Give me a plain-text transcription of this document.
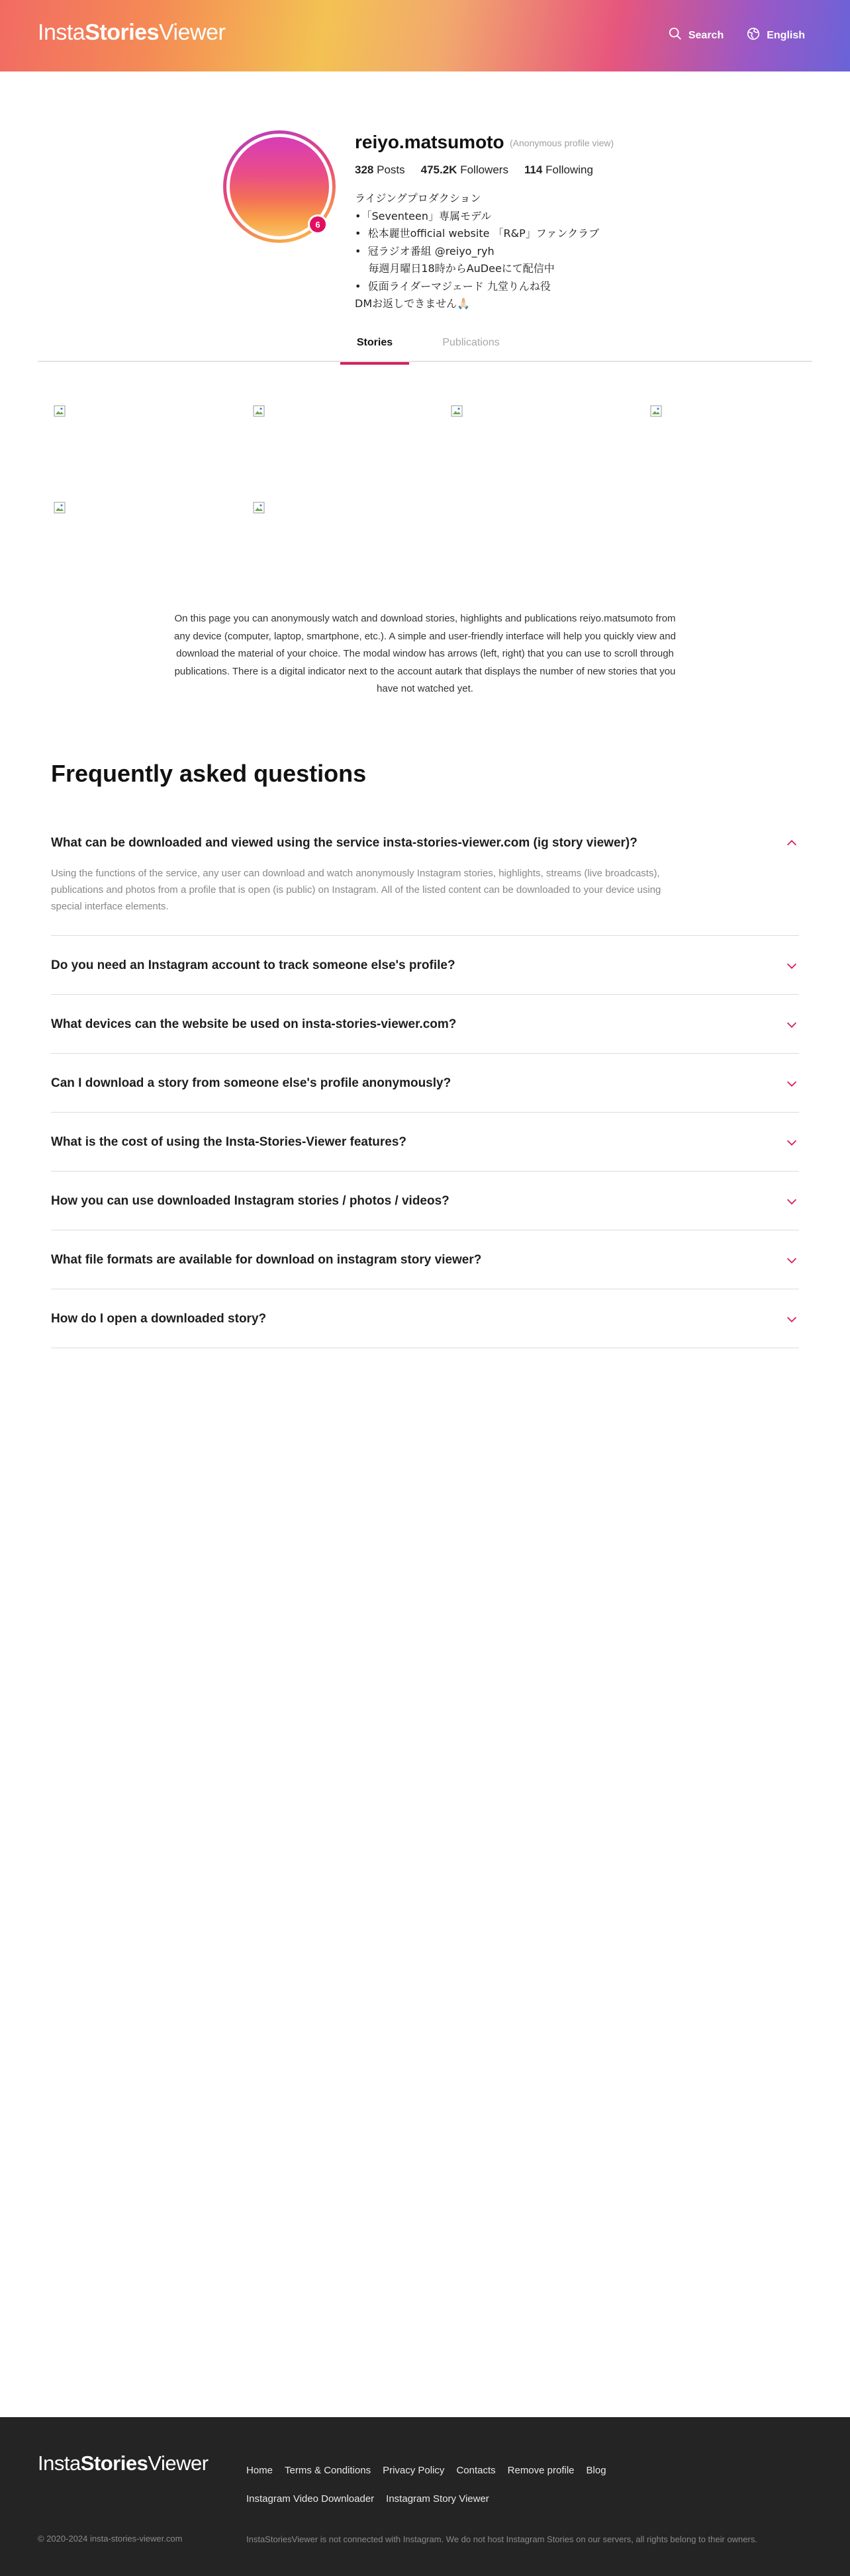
InstaStoriesViewer	Search	English
6
reiyo.matsumoto (Anonymous profile view)
328 Posts 475.2K Followers 114 Following
ライジングプロダクション
•「Seventeen」専属モデル
•  松本麗世official website 「R&P」ファンクラブ
•  冠ラジオ番組 @reiyo_ryh
毎週月曜日18時からAuDeeにて配信中
•  仮面ライダーマジェード 九堂りんね役
DMお返しできません🙏🏻
Stories	Publications
On this page you can anonymously watch and download stories, highlights and publications reiyo.matsumoto from any device (computer, laptop, smartphone, etc.). A simple and user-friendly interface will help you quickly view and download the material of your choice. The modal window has arrows (left, right) that you can use to scroll through publications. There is a digital indicator next to the account autark that displays the number of new stories that you have not watched yet.
Frequently asked questions
What can be downloaded and viewed using the service insta-stories-viewer.com (ig story viewer)?
Using the functions of the service, any user can download and watch anonymously Instagram stories, highlights, streams (live broadcasts), publications and photos from a profile that is open (is public) on Instagram. All of the listed content can be downloaded to your device using special interface elements.
Do you need an Instagram account to track someone else's profile?
What devices can the website be used on insta-stories-viewer.com?
Can I download a story from someone else's profile anonymously?
What is the cost of using the Insta-Stories-Viewer features?
How you can use downloaded Instagram stories / photos / videos?
What file formats are available for download on instagram story viewer?
How do I open a downloaded story?
InstaStoriesViewer	Home Terms & Conditions Privacy Policy Contacts Remove profile Blog
Instagram Video Downloader Instagram Story Viewer
© 2020-2024 insta-stories-viewer.com	InstaStoriesViewer is not connected with Instagram. We do not host Instagram Stories on our servers, all rights belong to their owners.
